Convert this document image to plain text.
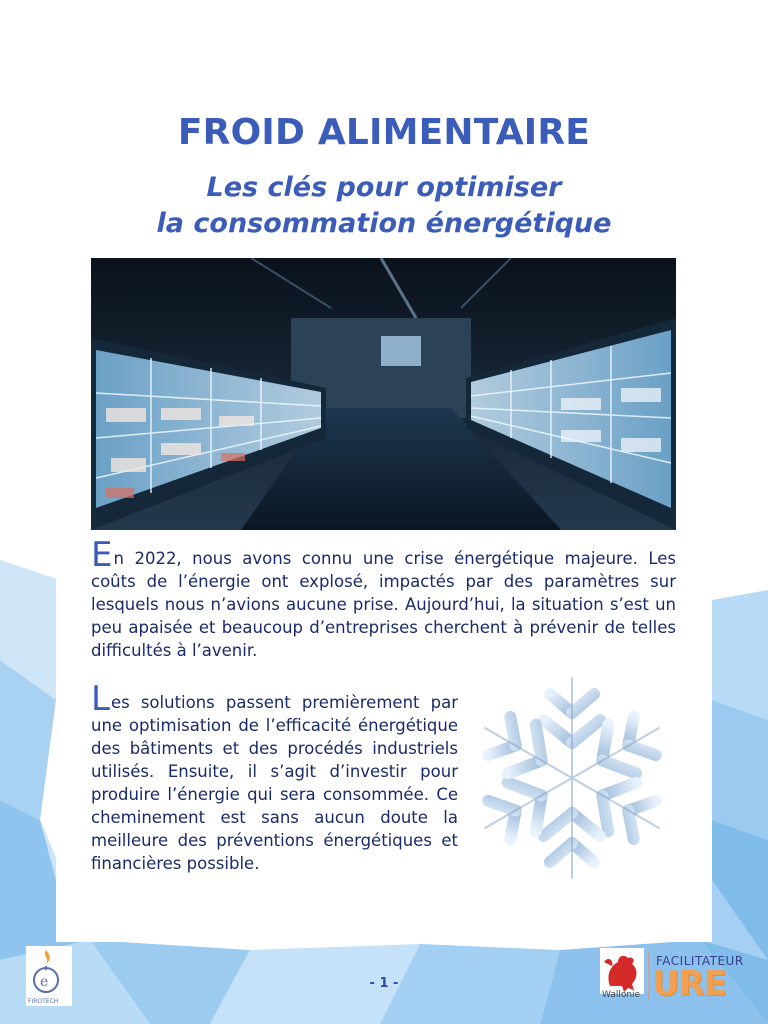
FROID ALIMENTAIRE
Les clés pour optimiser
la consommation énergétique

En 2022, nous avons connu une crise énergétique majeure. Les coûts de l’énergie ont explosé, impactés par des paramètres sur lesquels nous n’avions aucune prise. Aujourd’hui, la situation s’est un peu apaisée et beaucoup d’entreprises cherchent à prévenir de telles difficultés à l’avenir.

Les solutions passent premièrement par une optimisation de l’efficacité énergétique des bâtiments et des procédés industriels utilisés. Ensuite, il s’agit d’investir pour produire l’énergie qui sera consommée. Ce cheminement est sans aucun doute la meilleure des préventions énergétiques et financières possible.

e
FIROTECH
- 1 -
Wallonie
FACILITATEUR
URE
